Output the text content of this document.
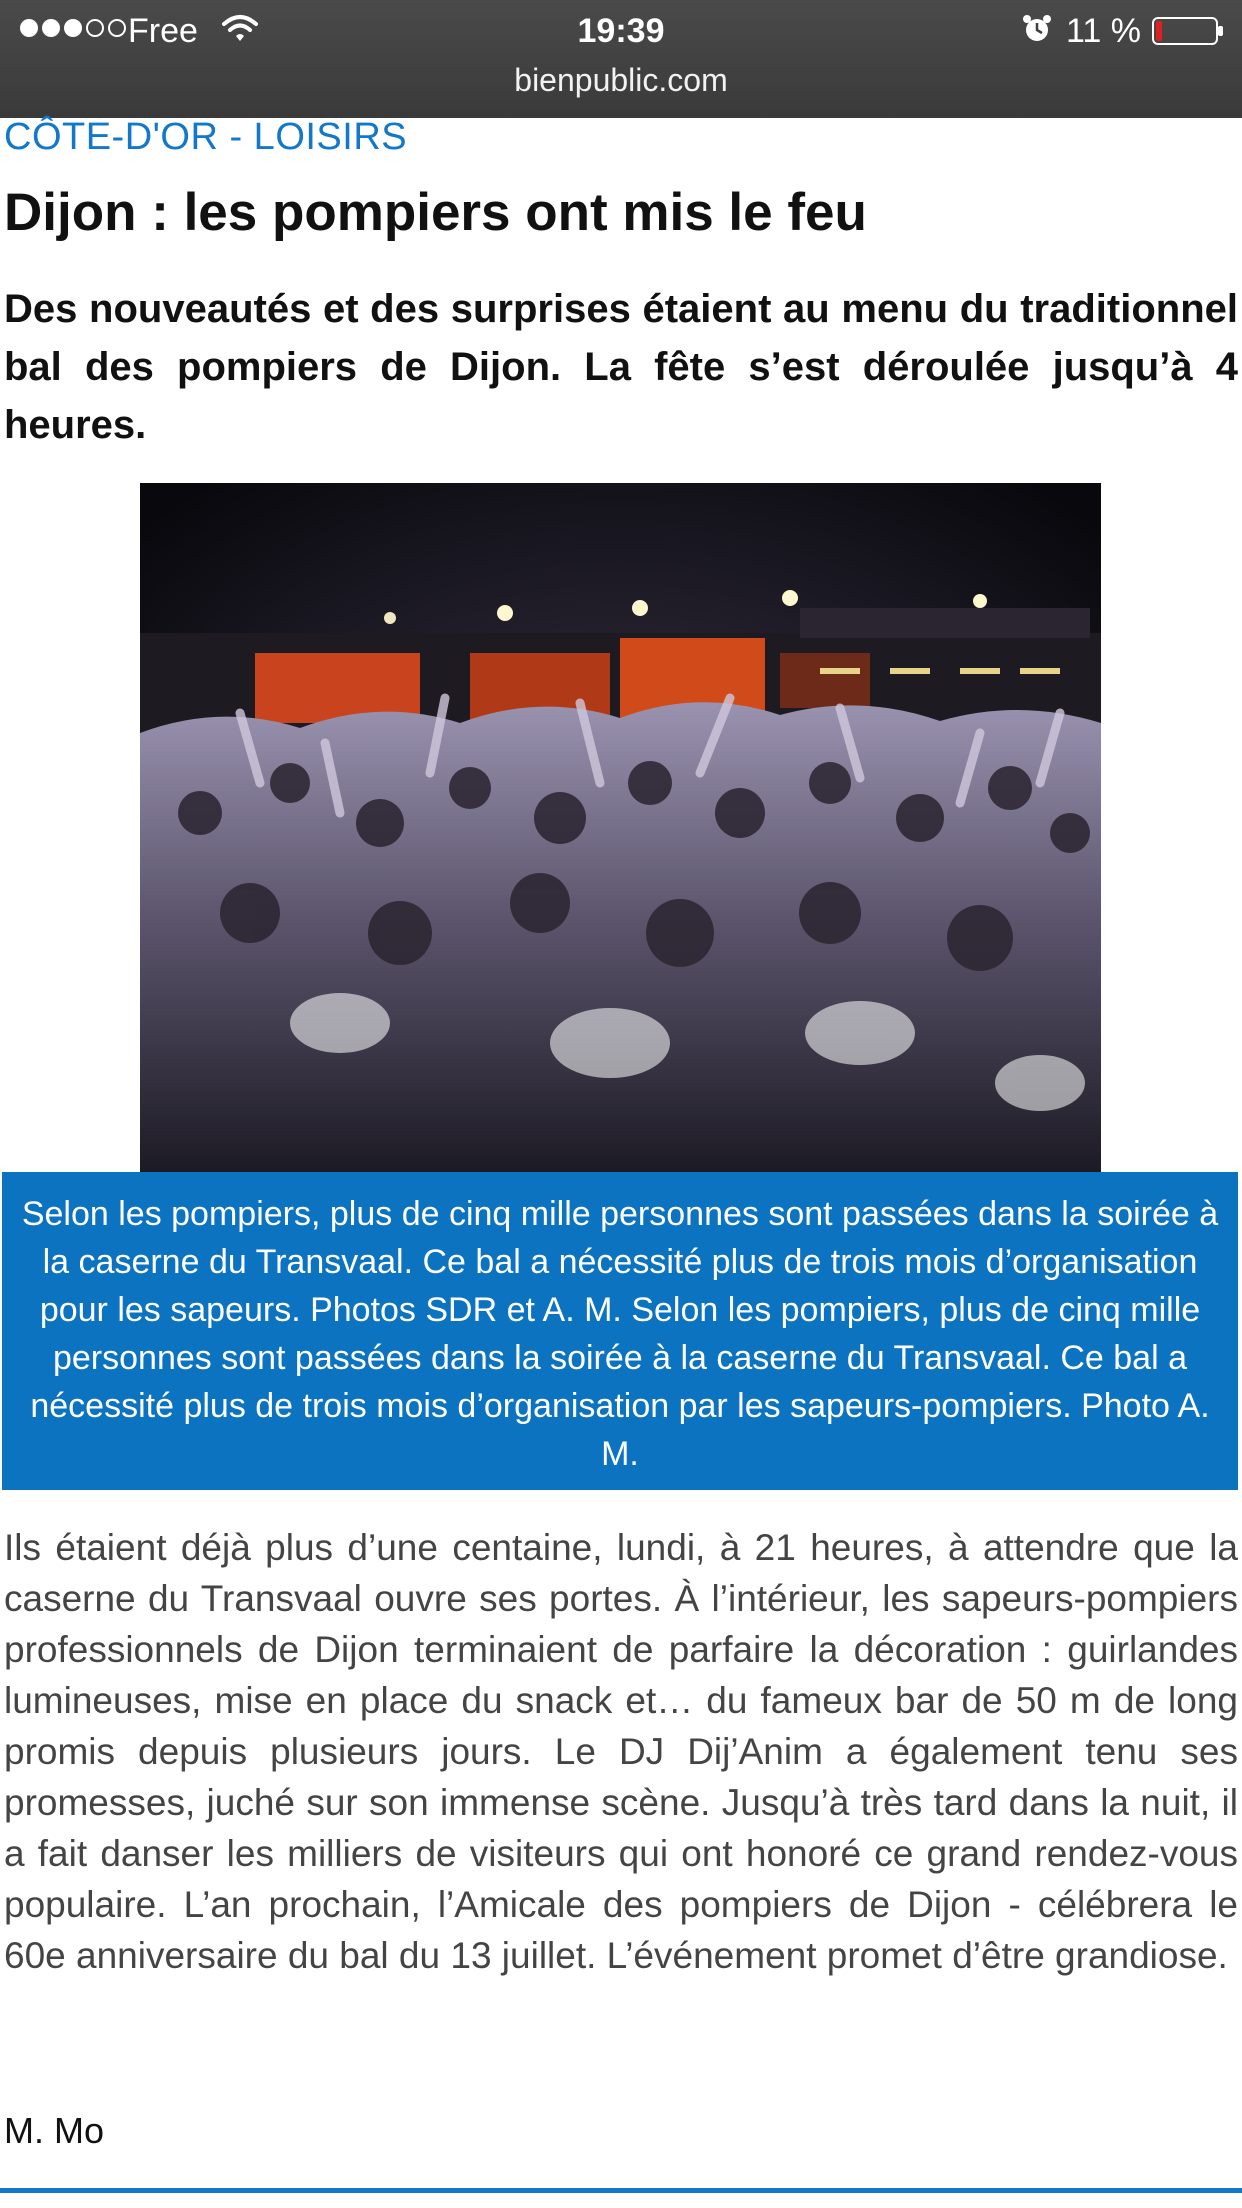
Free	19:39	11 %
bienpublic.com
CÔTE-D'OR - LOISIRS
Dijon : les pompiers ont mis le feu

Des nouveautés et des surprises étaient au menu du traditionnel bal des pompiers de Dijon. La fête s’est déroulée jusqu’à 4 heures.

Selon les pompiers, plus de cinq mille personnes sont passées dans la soirée à la caserne du Transvaal. Ce bal a nécessité plus de trois mois d’organisation pour les sapeurs. Photos SDR et A. M. Selon les pompiers, plus de cinq mille personnes sont passées dans la soirée à la caserne du Transvaal. Ce bal a nécessité plus de trois mois d’organisation par les sapeurs-pompiers. Photo A. M.

Ils étaient déjà plus d’une centaine, lundi, à 21 heures, à attendre que la caserne du Transvaal ouvre ses portes. À l’intérieur, les sapeurs-pompiers professionnels de Dijon terminaient de parfaire la décoration : guirlandes lumineuses, mise en place du snack et… du fameux bar de 50 m de long promis depuis plusieurs jours. Le DJ Dij’Anim a également tenu ses promesses, juché sur son immense scène. Jusqu’à très tard dans la nuit, il a fait danser les milliers de visiteurs qui ont honoré ce grand rendez-vous populaire. L’an prochain, l’Amicale des pompiers de Dijon - célébrera le 60e anniversaire du bal du 13 juillet. L’événement promet d’être grandiose.

M. Mo
